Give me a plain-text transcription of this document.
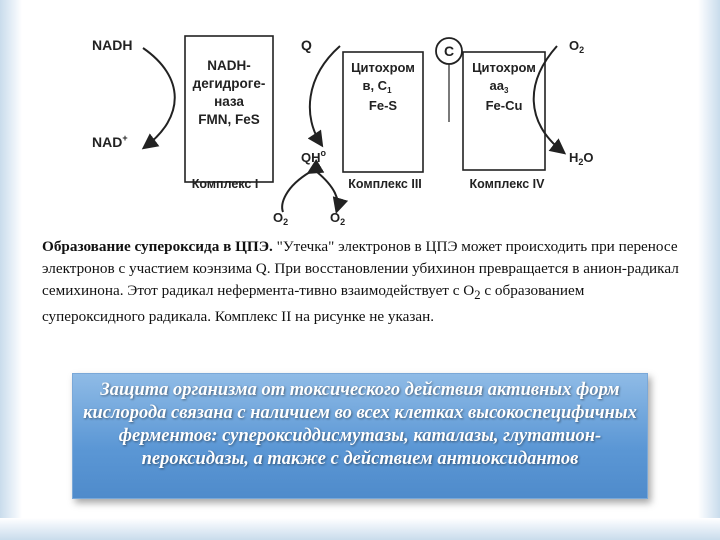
NADH
NAD+
NADH-
дегидроге-
наза
FMN, FeS
Комплекс I
Q
$QH^o$
$O_2$	$O_2$
Цитохром
в, $С_1$
Fe-S
Комплекс III
C
Цитохром
$аа_3$
Fe-Cu
Комплекс IV
$O_2$
$H_2O$
Образование супероксида в ЦПЭ. "Утечка" электронов в ЦПЭ может происходить при переносе электронов с участием коэнзима Q. При восстановлении убихинон превращается в анион-радикал семихинона. Этот радикал нефермента-тивно взаимодействует с $O_2$ с образованием супероксидного радикала. Комплекс II на рисунке не указан.
Защита организма от токсического действия активных форм кислорода связана с наличием во всех клетках высокоспецифичных ферментов: супероксиддисмутазы, каталазы, глутатион-пероксидазы, а также с действием антиоксидантов
